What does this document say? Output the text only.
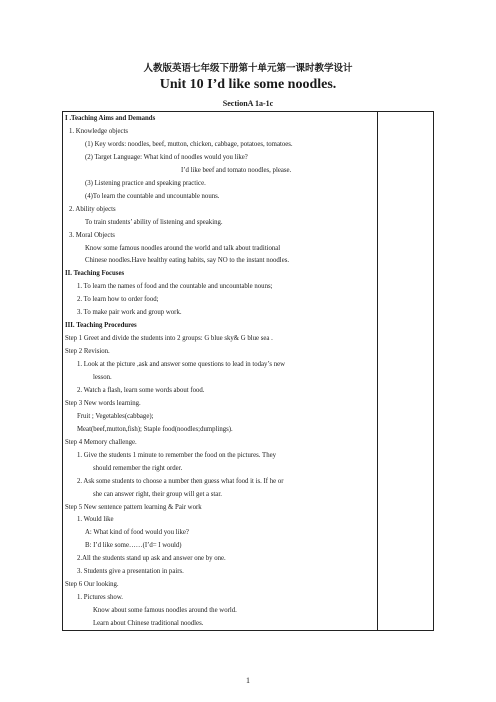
人教版英语七年级下册第十单元第一课时教学设计
Unit 10 I’d like some noodles.
SectionA 1a-1c
I .Teaching Aims and Demands
1. Knowledge objects
(1) Key words: noodles, beef, mutton, chicken, cabbage, potatoes, tomatoes.
(2) Target Language: What kind of noodles would you like?
I’d like beef and tomato noodles, please.
(3) Listening practice and speaking practice.
(4)To learn the countable and uncountable nouns.
2. Ability objects
To train students’ ability of listening and speaking.
3. Moral Objects
Know some famous noodles around the world and talk about traditional
Chinese noodles.Have healthy eating habits, say NO to the instant noodles.
II. Teaching Focuses
1. To learn the names of food and the countable and uncountable nouns;
2. To learn how to order food;
3. To make pair work and group work.
III. Teaching Procedures
Step 1 Greet and divide the students into 2 groups: G blue sky& G blue sea .
Step 2 Revision.
1. Look at the picture ,ask and answer some questions to lead in today’s new
lesson.
2. Watch a flash, learn some words about food.
Step 3 New words learning.
Fruit ; Vegetables(cabbage);
Meat(beef,mutton,fish); Staple food(noodles;dumplings).
Step 4 Memory challenge.
1. Give the students 1 minute to remember the food on the pictures. They
should remember the right order.
2. Ask some students to choose a number then guess what food it is. If he or
she can answer right, their group will get a star.
Step 5 New sentence pattern learning & Pair work
1. Would like
A: What kind of food would you like?
B: I’d like some……(I’d= I would)
2.All the students stand up ask and answer one by one.
3. Students give a presentation in pairs.
Step 6 Our looking.
1. Pictures show.
Know about some famous noodles around the world.
Learn about Chinese traditional noodles.
1
